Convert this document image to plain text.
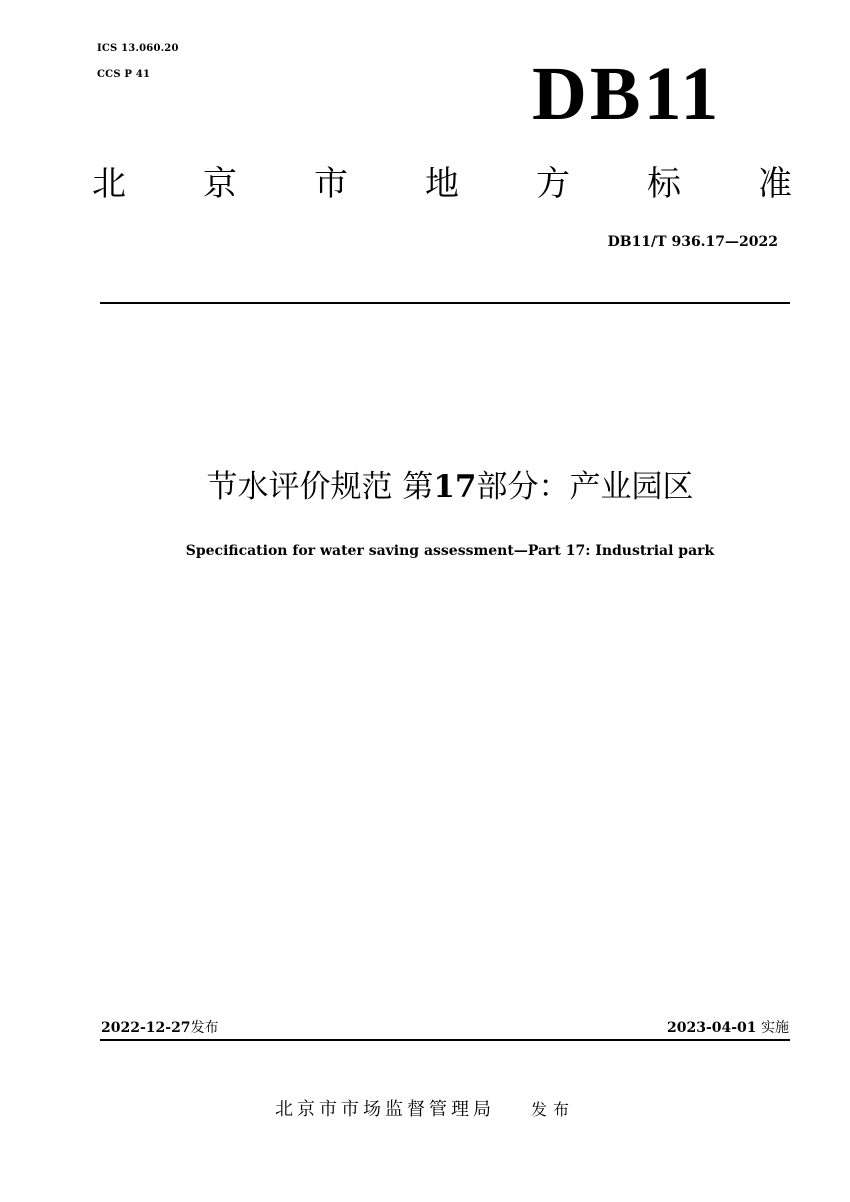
ICS 13.060.20
CCS P 41	DB11
北 京 市 地 方 标 准
DB11/T 936.17—2022
节水评价规范 第17部分：产业园区
Specification for water saving assessment—Part 17: Industrial park
2022-12-27发布	2023-04-01 实施
北京市市场监督管理局 发布
